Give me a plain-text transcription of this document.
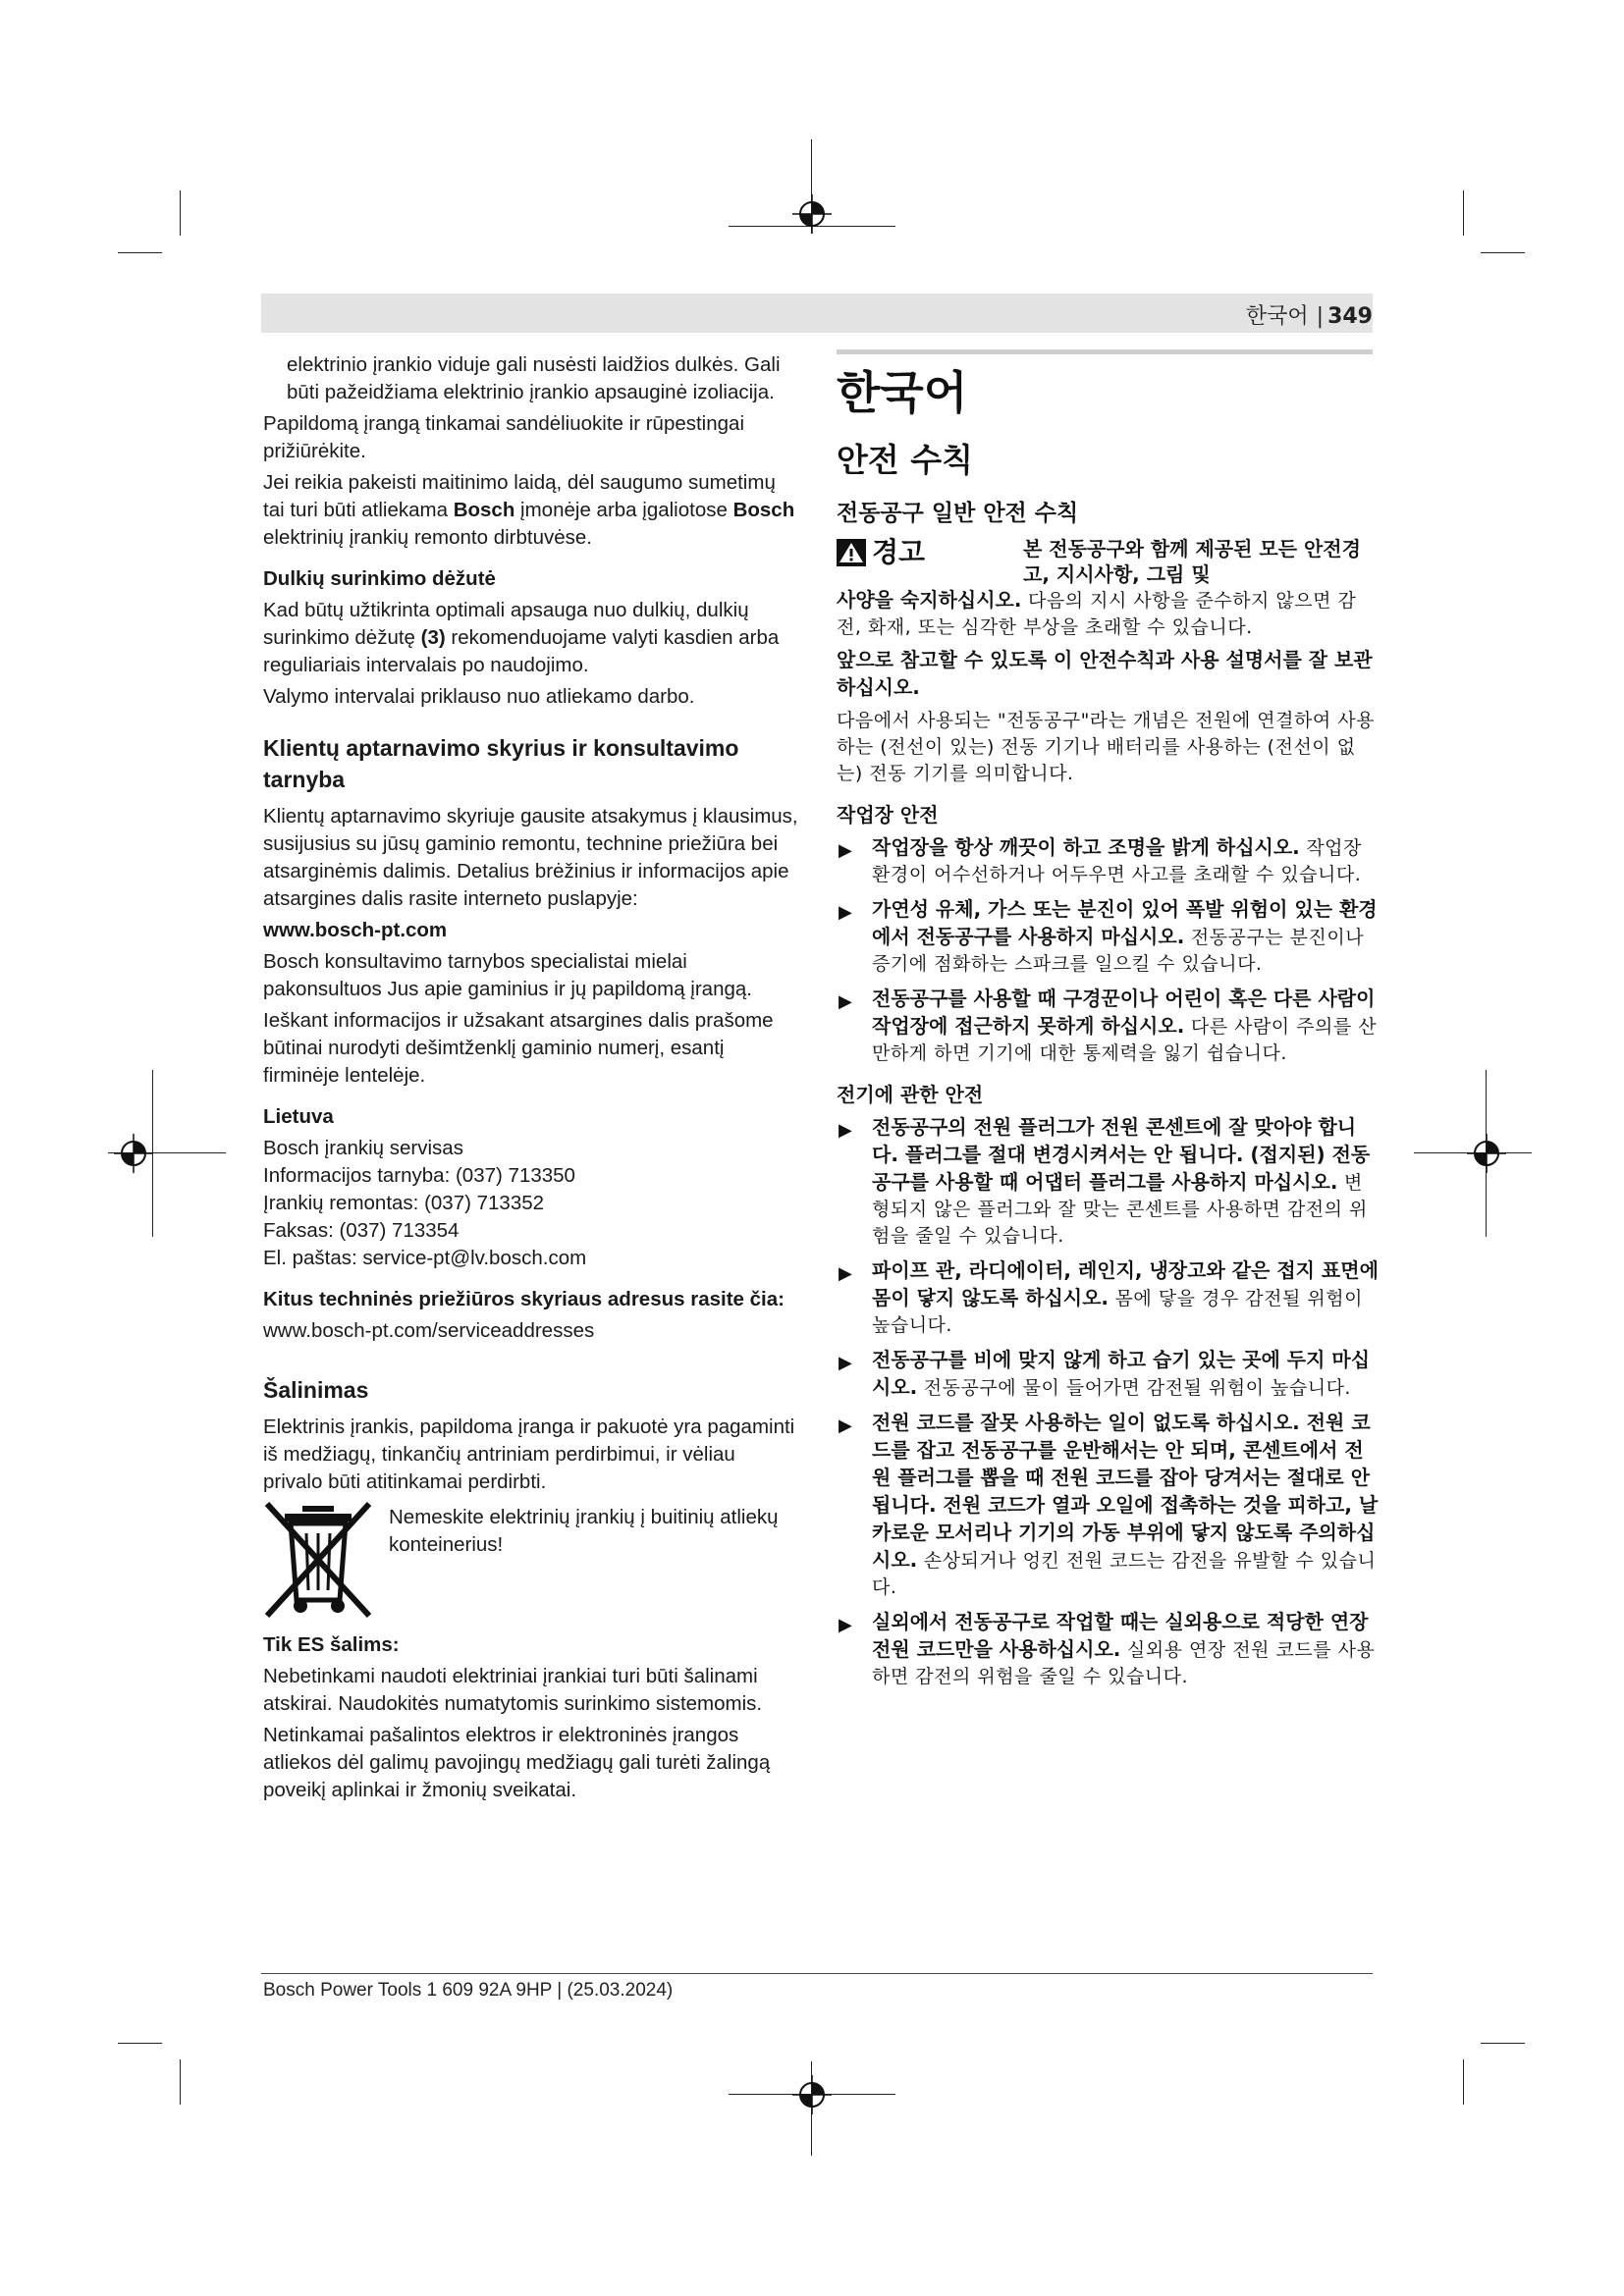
한국어 | 349

elektrinio įrankio viduje gali nusėsti laidžios dulkės. Gali būti pažeidžiama elektrinio įrankio apsauginė izoliacija.

Papildomą įrangą tinkamai sandėliuokite ir rūpestingai prižiūrėkite.

Jei reikia pakeisti maitinimo laidą, dėl saugumo sumetimų tai turi būti atliekama Bosch įmonėje arba įgaliotose Bosch elektrinių įrankių remonto dirbtuvėse.

Dulkių surinkimo dėžutė

Kad būtų užtikrinta optimali apsauga nuo dulkių, dulkių surinkimo dėžutę (3) rekomenduojame valyti kasdien arba reguliariais intervalais po naudojimo.

Valymo intervalai priklauso nuo atliekamo darbo.

Klientų aptarnavimo skyrius ir konsultavimo tarnyba

Klientų aptarnavimo skyriuje gausite atsakymus į klausimus, susijusius su jūsų gaminio remontu, technine priežiūra bei atsarginėmis dalimis. Detalius brėžinius ir informacijos apie atsargines dalis rasite interneto puslapyje:

www.bosch-pt.com

Bosch konsultavimo tarnybos specialistai mielai pakonsultuos Jus apie gaminius ir jų papildomą įrangą.

Ieškant informacijos ir užsakant atsargines dalis prašome būtinai nurodyti dešimtženklį gaminio numerį, esantį firminėje lentelėje.

Lietuva
Bosch įrankių servisas
Informacijos tarnyba: (037) 713350
Įrankių remontas: (037) 713352
Faksas: (037) 713354
El. paštas: service-pt@lv.bosch.com
Kitus techninės priežiūros skyriaus adresus rasite čia:

www.bosch-pt.com/serviceaddresses

Šalinimas

Elektrinis įrankis, papildoma įranga ir pakuotė yra pagaminti iš medžiagų, tinkančių antriniam perdirbimui, ir vėliau privalo būti atitinkamai perdirbti.

Nemeskite elektrinių įrankių į buitinių atliekų konteinerius!
Tik ES šalims:

Nebetinkami naudoti elektriniai įrankiai turi būti šalinami atskirai. Naudokitės numatytomis surinkimo sistemomis.

Netinkamai pašalintos elektros ir elektroninės įrangos atliekos dėl galimų pavojingų medžiagų gali turėti žalingą poveikį aplinkai ir žmonių sveikatai.

한국어
안전 수칙
전동공구 일반 안전 수칙
경고	본 전동공구와 함께 제공된 모든 안전경고, 지시사항, 그림 및

사양을 숙지하십시오. 다음의 지시 사항을 준수하지 않으면 감전, 화재, 또는 심각한 부상을 초래할 수 있습니다.

앞으로 참고할 수 있도록 이 안전수칙과 사용 설명서를 잘 보관하십시오.

다음에서 사용되는 "전동공구"라는 개념은 전원에 연결하여 사용하는 (전선이 있는) 전동 기기나 배터리를 사용하는 (전선이 없는) 전동 기기를 의미합니다.

작업장 안전
▶ 작업장을 항상 깨끗이 하고 조명을 밝게 하십시오. 작업장 환경이 어수선하거나 어두우면 사고를 초래할 수 있습니다.
▶ 가연성 유체, 가스 또는 분진이 있어 폭발 위험이 있는 환경에서 전동공구를 사용하지 마십시오. 전동공구는 분진이나 증기에 점화하는 스파크를 일으킬 수 있습니다.
▶ 전동공구를 사용할 때 구경꾼이나 어린이 혹은 다른 사람이 작업장에 접근하지 못하게 하십시오. 다른 사람이 주의를 산만하게 하면 기기에 대한 통제력을 잃기 쉽습니다.
전기에 관한 안전
▶ 전동공구의 전원 플러그가 전원 콘센트에 잘 맞아야 합니다. 플러그를 절대 변경시켜서는 안 됩니다. (접지된) 전동공구를 사용할 때 어댑터 플러그를 사용하지 마십시오. 변형되지 않은 플러그와 잘 맞는 콘센트를 사용하면 감전의 위험을 줄일 수 있습니다.
▶ 파이프 관, 라디에이터, 레인지, 냉장고와 같은 접지 표면에 몸이 닿지 않도록 하십시오. 몸에 닿을 경우 감전될 위험이 높습니다.
▶ 전동공구를 비에 맞지 않게 하고 습기 있는 곳에 두지 마십시오. 전동공구에 물이 들어가면 감전될 위험이 높습니다.
▶ 전원 코드를 잘못 사용하는 일이 없도록 하십시오. 전원 코드를 잡고 전동공구를 운반해서는 안 되며, 콘센트에서 전원 플러그를 뽑을 때 전원 코드를 잡아 당겨서는 절대로 안 됩니다. 전원 코드가 열과 오일에 접촉하는 것을 피하고, 날카로운 모서리나 기기의 가동 부위에 닿지 않도록 주의하십시오. 손상되거나 엉킨 전원 코드는 감전을 유발할 수 있습니다.
▶ 실외에서 전동공구로 작업할 때는 실외용으로 적당한 연장 전원 코드만을 사용하십시오. 실외용 연장 전원 코드를 사용하면 감전의 위험을 줄일 수 있습니다.
Bosch Power Tools 1 609 92A 9HP | (25.03.2024)
